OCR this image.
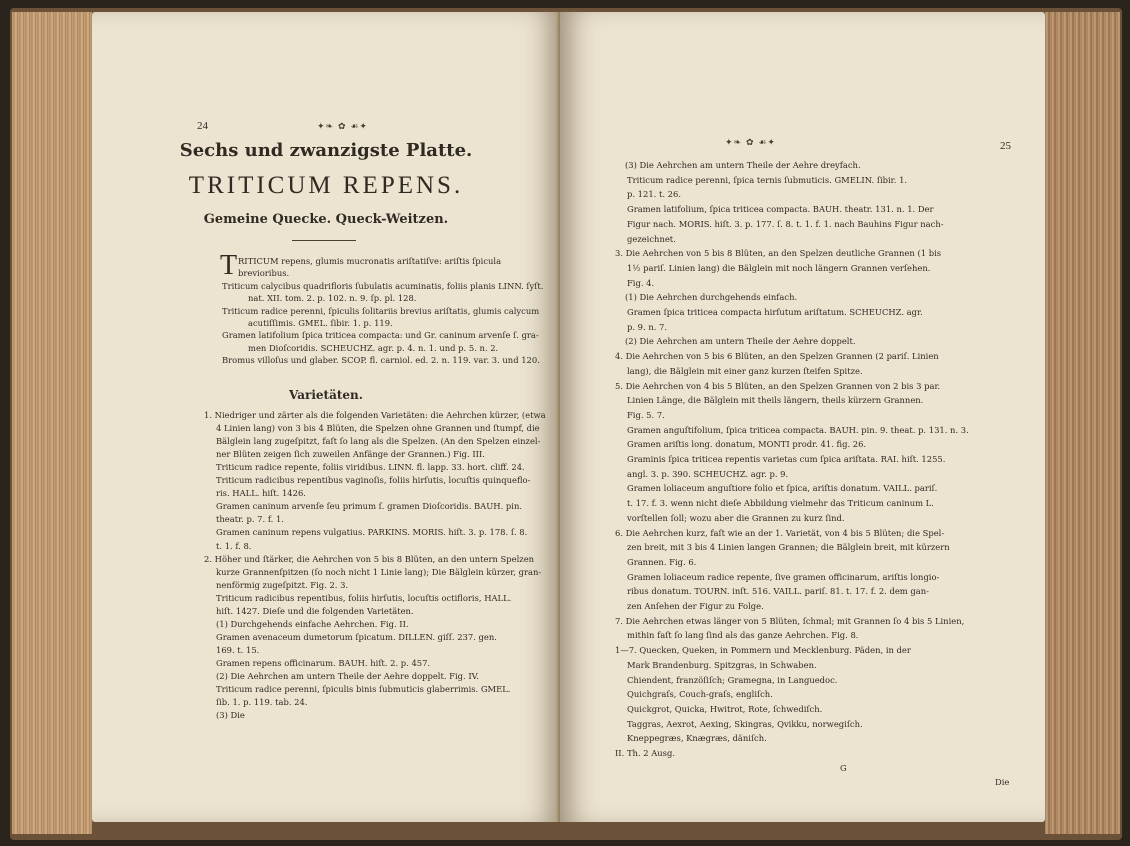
24	✦❧ ✿ ☙✦
Sechs und zwanzigste Platte.
TRITICUM REPENS.
Gemeine Quecke. Queck-Weitzen.
T RITICUM repens, glumis mucronatis ariſtatiſve: ariſtis ſpicula
brevioribus.
Triticum calycibus quadrifloris ſubulatis acuminatis, foliis planis LINN. ſyſt.
nat. XII. tom. 2. p. 102. n. 9. ſp. pl. 128.
Triticum radice perenni, ſpiculis ſolitariis brevius ariſtatis, glumis calycum
acutiſſimis. GMEL. ſibir. 1. p. 119.
Gramen latifolium ſpica triticea compacta: und Gr. caninum arvenſe ſ. gra-
men Dioſcoridis. SCHEUCHZ. agr. p. 4. n. 1. und p. 5. n. 2.
Bromus villoſus und glaber. SCOP. fl. carniol. ed. 2. n. 119. var. 3. und 120.
Varietäten.
1. Niedriger und zärter als die folgenden Varietäten: die Aehrchen kürzer, (etwa
4 Linien lang) von 3 bis 4 Blüten, die Spelzen ohne Grannen und ſtumpf, die
Bälglein lang zugeſpitzt, faſt ſo lang als die Spelzen. (An den Spelzen einzel-
ner Blüten zeigen ſich zuweilen Anfänge der Grannen.) Fig. III.
Triticum radice repente, foliis viridibus. LINN. fl. lapp. 33. hort. cliff. 24.
Triticum radicibus repentibus vaginoſis, foliis hirſutis, locuſtis quinqueflo-
ris. HALL. hiſt. 1426.
Gramen caninum arvenſe ſeu primum ſ. gramen Dioſcoridis. BAUH. pin.
theatr. p. 7. f. 1.
Gramen caninum repens vulgatius. PARKINS. MORIS. hiſt. 3. p. 178. ſ. 8.
t. 1. f. 8.
2. Höher und ſtärker, die Aehrchen von 5 bis 8 Blüten, an den untern Spelzen
kurze Grannenſpitzen (ſo noch nicht 1 Linie lang); Die Bälglein kürzer, gran-
nenförmig zugeſpitzt. Fig. 2. 3.
Triticum radicibus repentibus, foliis hirſutis, locuſtis octifloris, HALL.
hiſt. 1427. Dieſe und die folgenden Varietäten.
(1) Durchgehends einfache Aehrchen. Fig. II.
Gramen avenaceum dumetorum ſpicatum. DILLEN. giſſ. 237. gen.
169. t. 15.
Gramen repens officinarum. BAUH. hiſt. 2. p. 457.
(2) Die Aehrchen am untern Theile der Aehre doppelt. Fig. IV.
Triticum radice perenni, ſpiculis binis ſubmuticis glaberrimis. GMEL.
ſib. 1. p. 119. tab. 24.
(3) Die
✦❧ ✿ ☙✦	25
(3) Die Aehrchen am untern Theile der Aehre dreyfach.
Triticum radice perenni, ſpica ternis ſubmuticis. GMELIN. ſibir. 1.
p. 121. t. 26.
Gramen latifolium, ſpica triticea compacta. BAUH. theatr. 131. n. 1. Der
Figur nach. MORIS. hiſt. 3. p. 177. ſ. 8. t. 1. f. 1. nach Bauhins Figur nach-
gezeichnet.
3. Die Aehrchen von 5 bis 8 Blüten, an den Spelzen deutliche Grannen (1 bis
1½ pariſ. Linien lang) die Bälglein mit noch längern Grannen verſehen.
Fig. 4.
(1) Die Aehrchen durchgehends einfach.
Gramen ſpica triticea compacta hirſutum ariſtatum. SCHEUCHZ. agr.
p. 9. n. 7.
(2) Die Aehrchen am untern Theile der Aehre doppelt.
4. Die Aehrchen von 5 bis 6 Blüten, an den Spelzen Grannen (2 pariſ. Linien
lang), die Bälglein mit einer ganz kurzen ſteifen Spitze.
5. Die Aehrchen von 4 bis 5 Blüten, an den Spelzen Grannen von 2 bis 3 par.
Linien Länge, die Bälglein mit theils längern, theils kürzern Grannen.
Fig. 5. 7.
Gramen anguſtifolium, ſpica triticea compacta. BAUH. pin. 9. theat. p. 131. n. 3.
Gramen ariſtis long. donatum, MONTI prodr. 41. fig. 26.
Graminis ſpica triticea repentis varietas cum ſpica ariſtata. RAI. hiſt. 1255.
angl. 3. p. 390. SCHEUCHZ. agr. p. 9.
Gramen loliaceum anguſtiore folio et ſpica, ariſtis donatum. VAILL. pariſ.
t. 17. f. 3. wenn nicht dieſe Abbildung vielmehr das Triticum caninum L.
vorſtellen ſoll; wozu aber die Grannen zu kurz ſind.
6. Die Aehrchen kurz, faſt wie an der 1. Varietät, von 4 bis 5 Blüten; die Spel-
zen breit, mit 3 bis 4 Linien langen Grannen; die Bälglein breit, mit kürzern
Grannen. Fig. 6.
Gramen loliaceum radice repente, ſive gramen officinarum, ariſtis longio-
ribus donatum. TOURN. inſt. 516. VAILL. pariſ. 81. t. 17. f. 2. dem gan-
zen Anſehen der Figur zu Folge.
7. Die Aehrchen etwas länger von 5 Blüten, ſchmal; mit Grannen ſo 4 bis 5 Linien,
mithin faſt ſo lang ſind als das ganze Aehrchen. Fig. 8.
1—7. Quecken, Queken, in Pommern und Mecklenburg. Päden, in der
Mark Brandenburg. Spitzgras, in Schwaben.
Chiendent, franzöſiſch; Gramegna, in Languedoc.
Quichgraſs, Couch-graſs, engliſch.
Quickgrot, Quicka, Hwitrot, Rote, ſchwediſch.
Taggras, Aexrot, Aexing, Skingras, Qvikku, norwegiſch.
Kneppegræs, Knægræs, däniſch.
II. Th. 2 Ausg.
G
Die
